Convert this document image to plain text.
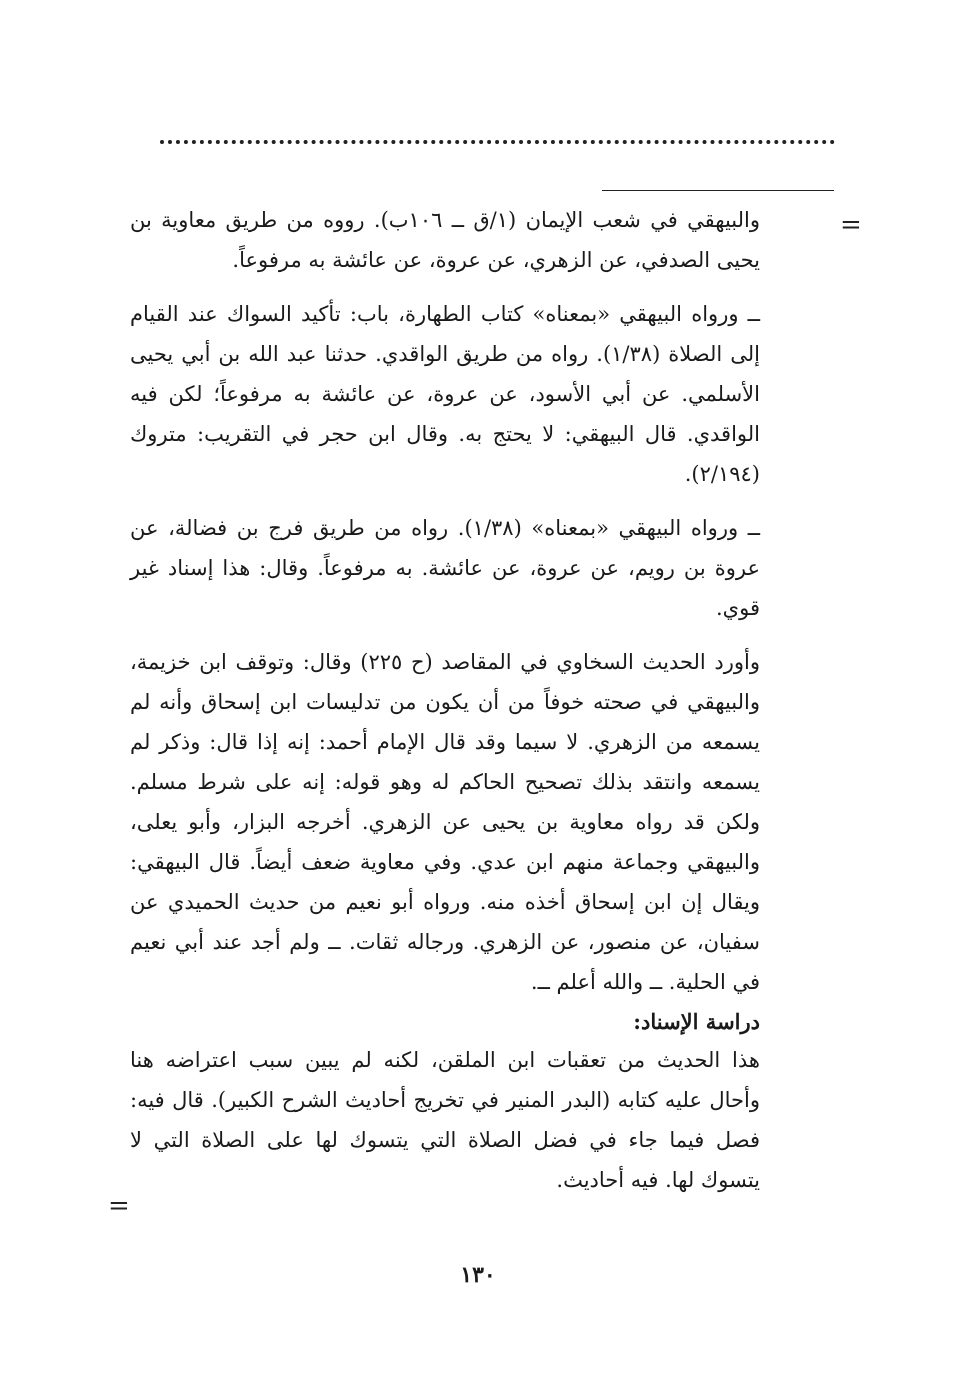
=

والبيهقي في شعب الإيمان (١/ق ــ ١٠٦ب). رووه من طريق معاوية بن يحيى الصدفي، عن الزهري، عن عروة، عن عائشة به مرفوعاً.

ــ ورواه البيهقي «بمعناه» كتاب الطهارة، باب: تأكيد السواك عند القيام إلى الصلاة (١/٣٨). رواه من طريق الواقدي. حدثنا عبد الله بن أبي يحيى الأسلمي. عن أبي الأسود، عن عروة، عن عائشة به مرفوعاً؛ لكن فيه الواقدي. قال البيهقي: لا يحتج به. وقال ابن حجر في التقريب: متروك (٢/١٩٤).

ــ ورواه البيهقي «بمعناه» (١/٣٨). رواه من طريق فرج بن فضالة، عن عروة بن رويم، عن عروة، عن عائشة. به مرفوعاً. وقال: هذا إسناد غير قوي.

وأورد الحديث السخاوي في المقاصد (ح ٢٢٥) وقال: وتوقف ابن خزيمة، والبيهقي في صحته خوفاً من أن يكون من تدليسات ابن إسحاق وأنه لم يسمعه من الزهري. لا سيما وقد قال الإمام أحمد: إنه إذا قال: وذكر لم يسمعه وانتقد بذلك تصحيح الحاكم له وهو قوله: إنه على شرط مسلم. ولكن قد رواه معاوية بن يحيى عن الزهري. أخرجه البزار، وأبو يعلى، والبيهقي وجماعة منهم ابن عدي. وفي معاوية ضعف أيضاً. قال البيهقي: ويقال إن ابن إسحاق أخذه منه. ورواه أبو نعيم من حديث الحميدي عن سفيان، عن منصور، عن الزهري. ورجاله ثقات. ــ ولم أجد عند أبي نعيم في الحلية. ــ والله أعلم ــ.

دراسة الإسناد:

هذا الحديث من تعقبات ابن الملقن، لكنه لم يبين سبب اعتراضه هنا وأحال عليه كتابه (البدر المنير في تخريج أحاديث الشرح الكبير). قال فيه: فصل فيما جاء في فضل الصلاة التي يتسوك لها على الصلاة التي لا يتسوك لها. فيه أحاديث.

=
١٣٠
